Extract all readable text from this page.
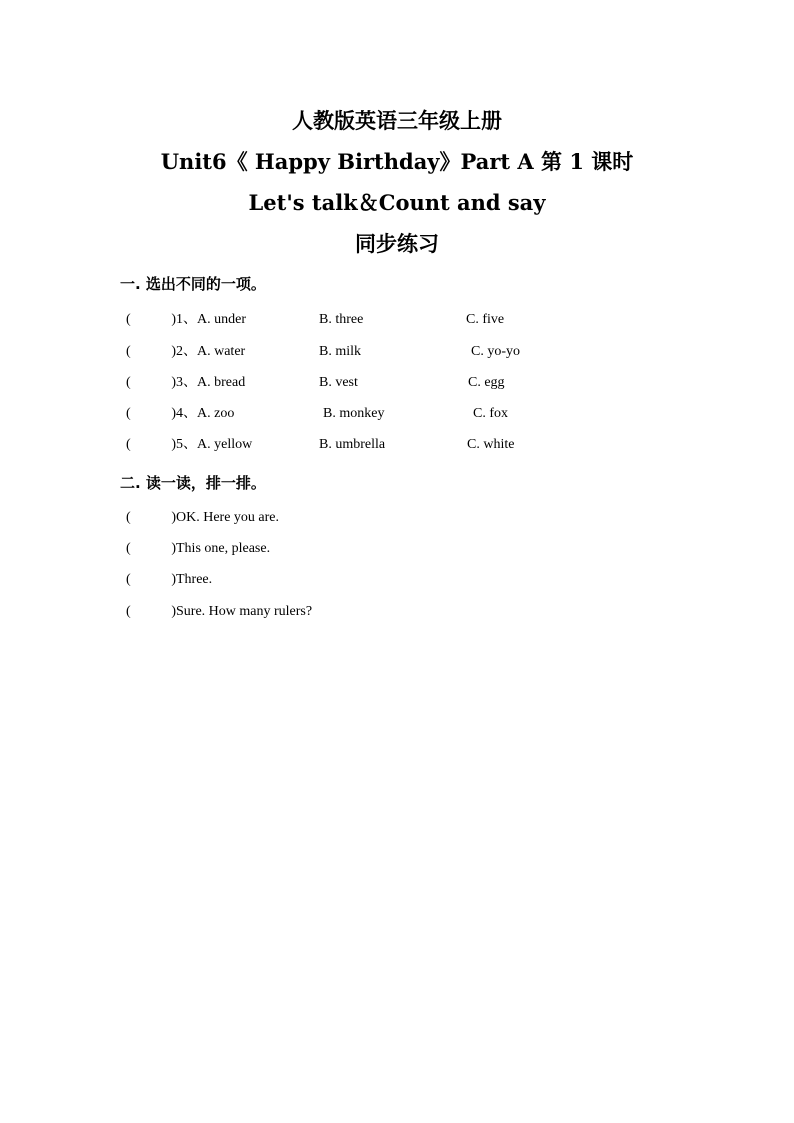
人教版英语三年级上册
Unit6《 Happy Birthday》Part A 第 1 课时
Let's talk＆Count and say
同步练习
一. 选出不同的一项。
(	) 1、A. under	B. three	C. five
(	) 2、A. water	B. milk	C. yo-yo
(	) 3、A. bread	B. vest	C. egg
(	) 4、A. zoo	B. monkey	C. fox
(	) 5、A. yellow	B. umbrella	C. white
二. 读一读，排一排。
(	) OK. Here you are.
(	) This one, please.
(	) Three.
(	) Sure. How many rulers?
